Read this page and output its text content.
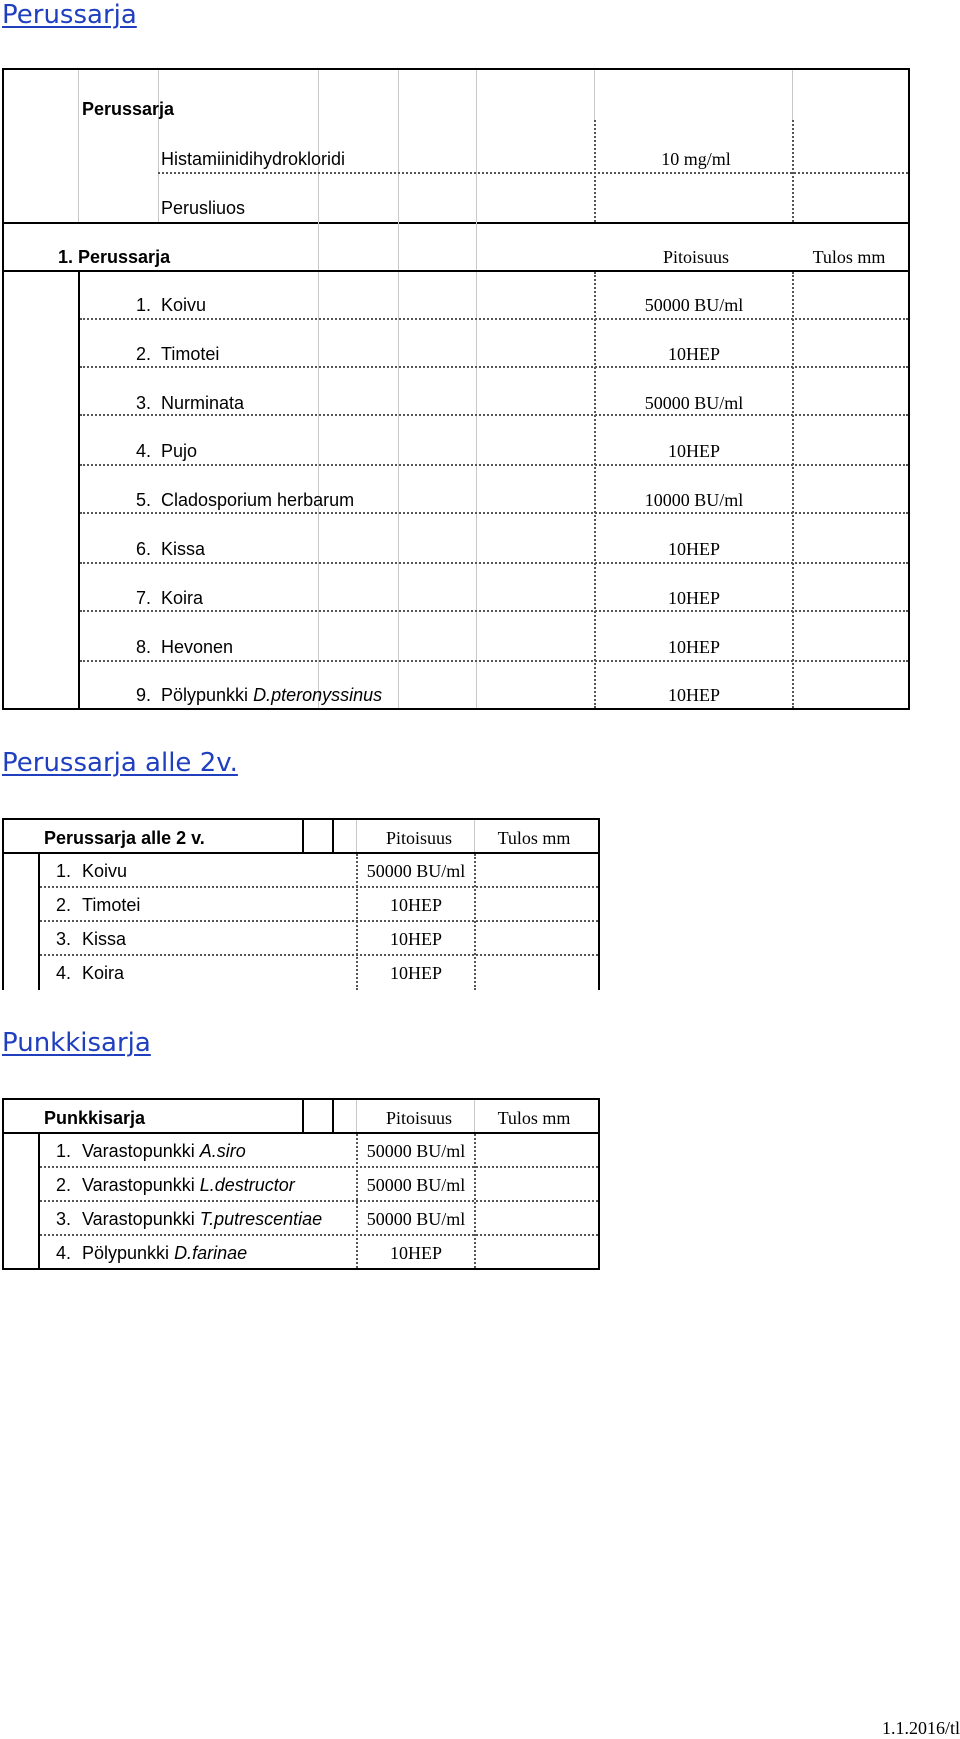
Perussarja
Perussarja
Histamiinidihydrokloridi	10 mg/ml
Perusliuos
1. Perussarja	Pitoisuus	Tulos mm
1. Koivu	50000 BU/ml
2. Timotei	10HEP
3. Nurminata	50000 BU/ml
4. Pujo	10HEP
5. Cladosporium herbarum	10000 BU/ml
6. Kissa	10HEP
7. Koira	10HEP
8. Hevonen	10HEP
9. Pölypunkki D.pteronyssinus	10HEP
Perussarja alle 2v.
Perussarja alle 2 v.	Pitoisuus	Tulos mm
1. Koivu	50000 BU/ml
2. Timotei	10HEP
3. Kissa	10HEP
4. Koira	10HEP
Punkkisarja
Punkkisarja	Pitoisuus	Tulos mm
1. Varastopunkki A.siro	50000 BU/ml
2. Varastopunkki L.destructor	50000 BU/ml
3. Varastopunkki T.putrescentiae	50000 BU/ml
4. Pölypunkki D.farinae	10HEP
1.1.2016/tl
